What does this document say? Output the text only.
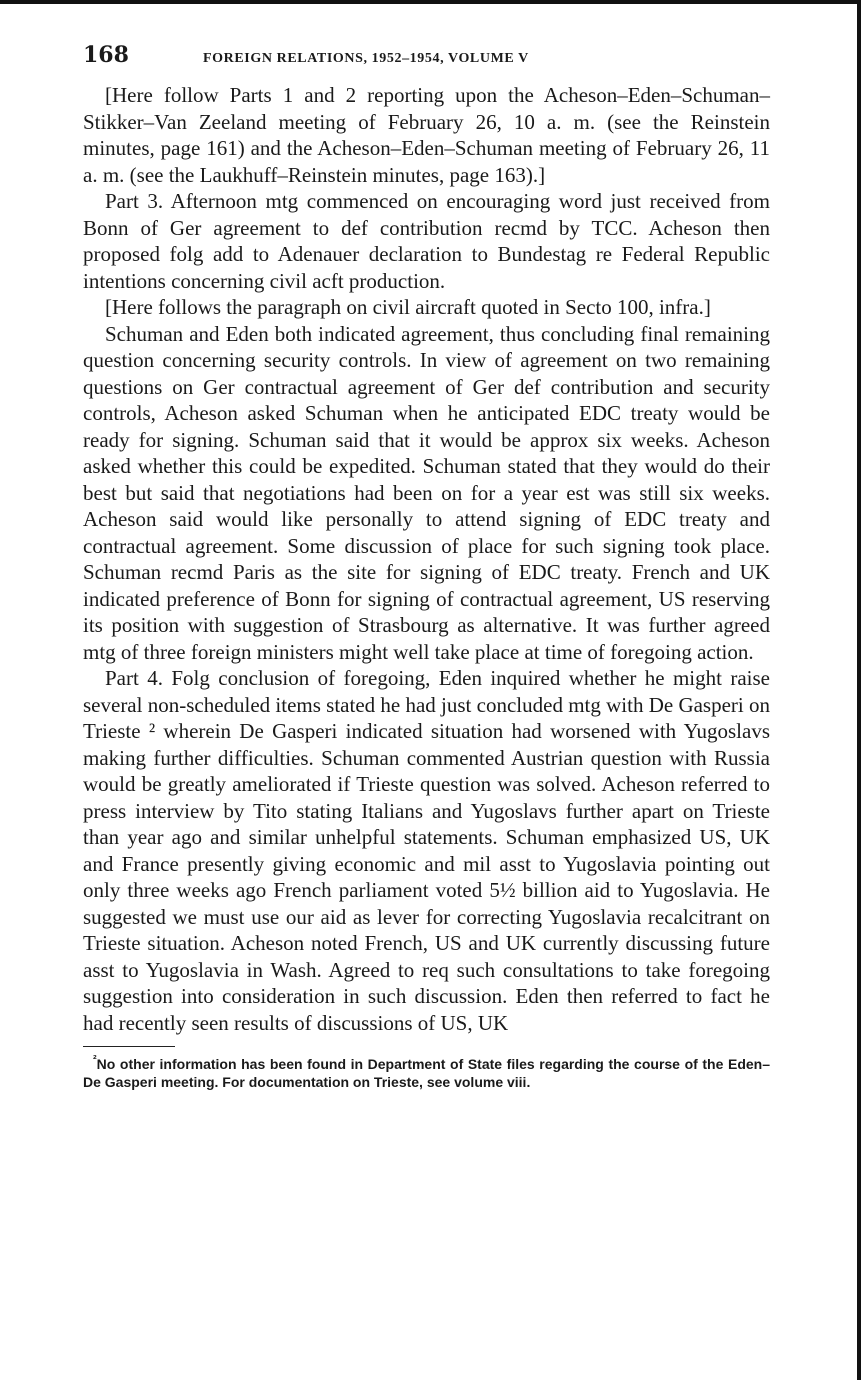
168	FOREIGN RELATIONS, 1952–1954, VOLUME V

[Here follow Parts 1 and 2 reporting upon the Acheson–Eden–Schuman–Stikker–Van Zeeland meeting of February 26, 10 a. m. (see the Reinstein minutes, page 161) and the Acheson–Eden–Schuman meeting of February 26, 11 a. m. (see the Laukhuff–Reinstein minutes, page 163).]

Part 3. Afternoon mtg commenced on encouraging word just received from Bonn of Ger agreement to def contribution recmd by TCC. Acheson then proposed folg add to Adenauer declaration to Bundestag re Federal Republic intentions concerning civil acft production.

[Here follows the paragraph on civil aircraft quoted in Secto 100, infra.]

Schuman and Eden both indicated agreement, thus concluding final remaining question concerning security controls. In view of agreement on two remaining questions on Ger contractual agreement of Ger def contribution and security controls, Acheson asked Schuman when he anticipated EDC treaty would be ready for signing. Schuman said that it would be approx six weeks. Acheson asked whether this could be expedited. Schuman stated that they would do their best but said that negotiations had been on for a year est was still six weeks. Acheson said would like personally to attend signing of EDC treaty and contractual agreement. Some discussion of place for such signing took place. Schuman recmd Paris as the site for signing of EDC treaty. French and UK indicated preference of Bonn for signing of contractual agreement, US reserving its position with suggestion of Strasbourg as alternative. It was further agreed mtg of three foreign ministers might well take place at time of foregoing action.

Part 4. Folg conclusion of foregoing, Eden inquired whether he might raise several non-scheduled items stated he had just concluded mtg with De Gasperi on Trieste ² wherein De Gasperi indicated situation had worsened with Yugoslavs making further difficulties. Schuman commented Austrian question with Russia would be greatly ameliorated if Trieste question was solved. Acheson referred to press interview by Tito stating Italians and Yugoslavs further apart on Trieste than year ago and similar unhelpful statements. Schuman emphasized US, UK and France presently giving economic and mil asst to Yugoslavia pointing out only three weeks ago French parliament voted 5½ billion aid to Yugoslavia. He suggested we must use our aid as lever for correcting Yugoslavia recalcitrant on Trieste situation. Acheson noted French, US and UK currently discussing future asst to Yugoslavia in Wash. Agreed to req such consultations to take foregoing suggestion into consideration in such discussion. Eden then referred to fact he had recently seen results of discussions of US, UK

$^{^2}$No other information has been found in Department of State files regarding the course of the Eden–De Gasperi meeting. For documentation on Trieste, see volume viii.
